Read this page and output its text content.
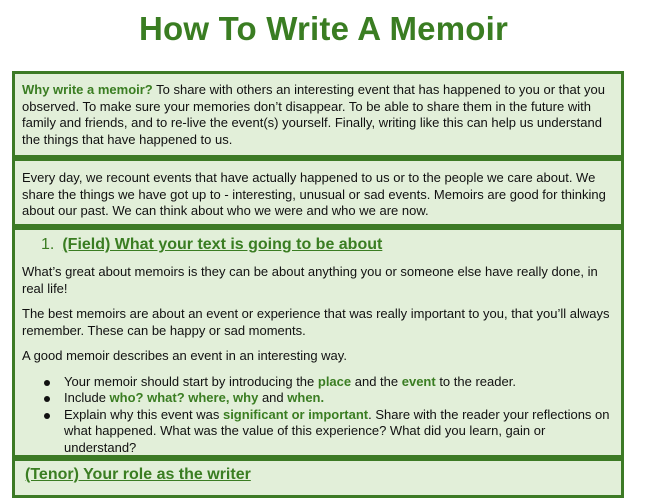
How To Write A Memoir

Why write a memoir? To share with others an interesting event that has happened to you or that you observed. To make sure your memories don’t disappear. To be able to share them in the future with family and friends, and to re-live the event(s) yourself. Finally, writing like this can help us understand the things that have happened to us.

Every day, we recount events that have actually happened to us or to the people we care about. We share the things we have got up to - interesting, unusual or sad events. Memoirs are good for thinking about our past. We can think about who we were and who we are now.

1. (Field) What your text is going to be about

What’s great about memoirs is they can be about anything you or someone else have really done, in real life!

The best memoirs are about an event or experience that was really important to you, that you’ll always remember. These can be happy or sad moments.

A good memoir describes an event in an interesting way.

Your memoir should start by introducing the place and the event to the reader.
Include who? what? where, why and when.
Explain why this event was significant or important. Share with the reader your reflections on what happened. What was the value of this experience? What did you learn, gain or understand?
(Tenor) Your role as the writer
